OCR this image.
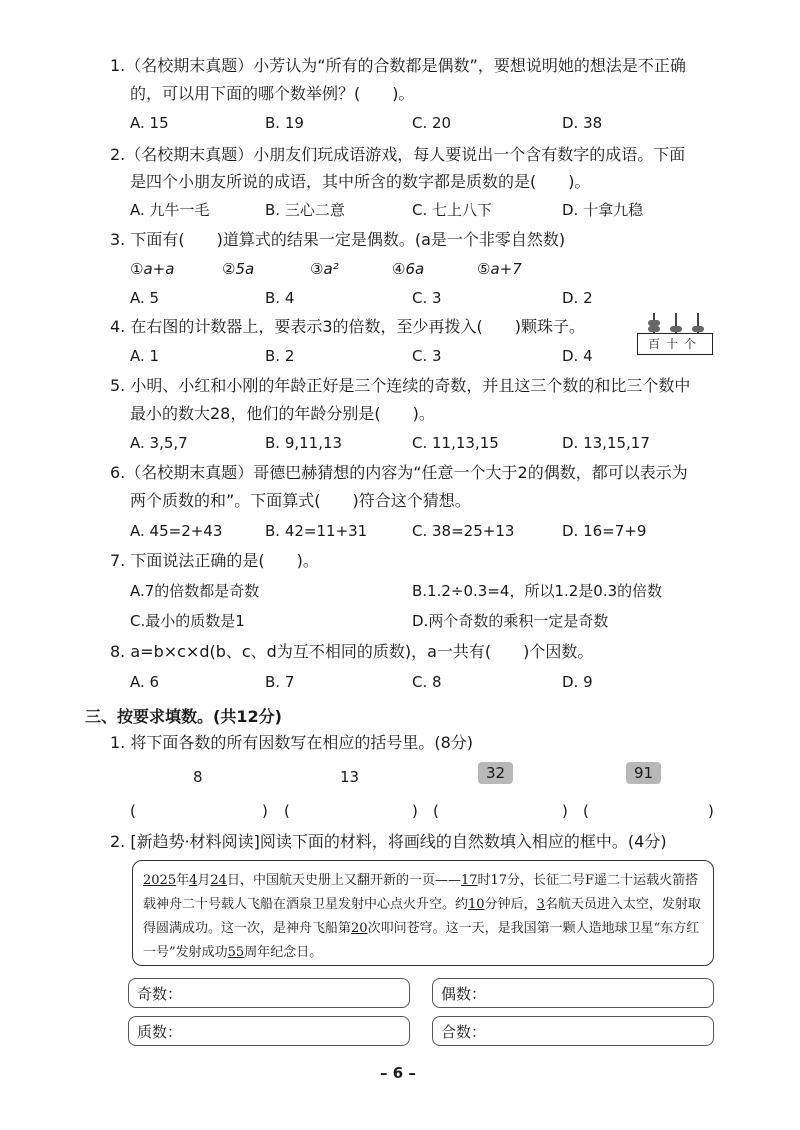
1.（名校期末真题）小芳认为“所有的合数都是偶数”，要想说明她的想法是不正确
的，可以用下面的哪个数举例？(　　)。
A. 15	B. 19	C. 20	D. 38
2.（名校期末真题）小朋友们玩成语游戏，每人要说出一个含有数字的成语。下面
是四个小朋友所说的成语，其中所含的数字都是质数的是(　　)。
A. 九牛一毛	B. 三心二意	C. 七上八下	D. 十拿九稳
3. 下面有(　　)道算式的结果一定是偶数。(a是一个非零自然数)
①a+a	②5a	③a²	④6a	⑤a+7
A. 5	B. 4	C. 3	D. 2
4. 在右图的计数器上，要表示3的倍数，至少再拨入(　　)颗珠子。
百十个
A. 1	B. 2	C. 3	D. 4
5. 小明、小红和小刚的年龄正好是三个连续的奇数，并且这三个数的和比三个数中
最小的数大28，他们的年龄分别是(　　)。
A. 3,5,7	B. 9,11,13	C. 11,13,15	D. 13,15,17
6.（名校期末真题）哥德巴赫猜想的内容为“任意一个大于2的偶数，都可以表示为
两个质数的和”。下面算式(　　)符合这个猜想。
A. 45=2+43	B. 42=11+31	C. 38=25+13	D. 16=7+9
7. 下面说法正确的是(　　)。
A.7的倍数都是奇数	B.1.2÷0.3=4，所以1.2是0.3的倍数
C.最小的质数是1	D.两个奇数的乘积一定是奇数
8. a=b×c×d(b、c、d为互不相同的质数)，a一共有(　　)个因数。
A. 6	B. 7	C. 8	D. 9
三、按要求填数。(共12分)
1. 将下面各数的所有因数写在相应的括号里。(8分)
8	13	32	91
(	) (	) (	) (	)
2. [新趋势·材料阅读]阅读下面的材料，将画线的自然数填入相应的框中。(4分)
2025年4月24日，中国航天史册上又翻开新的一页——17时17分，长征二号F遥二十运载火箭搭载神舟二十号载人飞船在酒泉卫星发射中心点火升空。约10分钟后，3名航天员进入太空，发射取得圆满成功。这一次，是神舟飞船第20次叩问苍穹。这一天，是我国第一颗人造地球卫星“东方红一号”发射成功55周年纪念日。
奇数：	偶数：
质数：	合数：
– 6 –
